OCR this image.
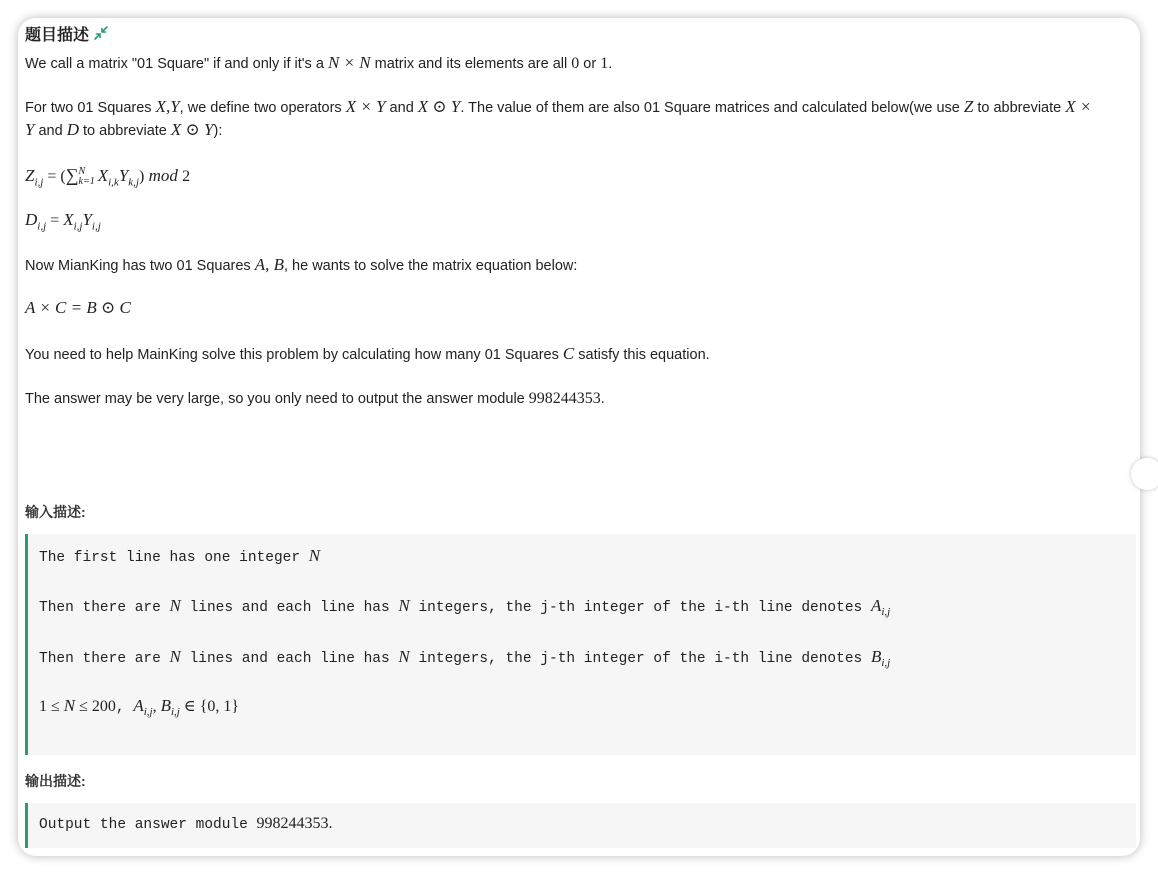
题目描述
We call a matrix "01 Square" if and only if it's a N × N matrix and its elements are all 0 or 1.
For two 01 Squares X,Y, we define two operators X × Y and X ⊙ Y. The value of them are also 01 Square matrices and calculated below(we use Z to abbreviate X ×
Y and D to abbreviate X ⊙ Y):
$Z_{i,j} = (\sum N$
k=1 $X_{i,k}Y_{k,j}$) mod 2
$D_{i,j} = X_{i,j}Y_{i,j}$
Now MianKing has two 01 Squares A, B, he wants to solve the matrix equation below:
A × C = B ⊙ C
You need to help MainKing solve this problem by calculating how many 01 Squares C satisfy this equation.
The answer may be very large, so you only need to output the answer module 998244353.
输入描述:
The first line has one integer N
Then there are N lines and each line has N integers, the j-th integer of the i-th line denotes $A_{i,j}$
Then there are N lines and each line has N integers, the j-th integer of the i-th line denotes $B_{i,j}$
1 ≤ N ≤ 200, $A_{i,j}$, $B_{i,j}$ ∈ {0, 1}
输出描述:
Output the answer module 998244353.
